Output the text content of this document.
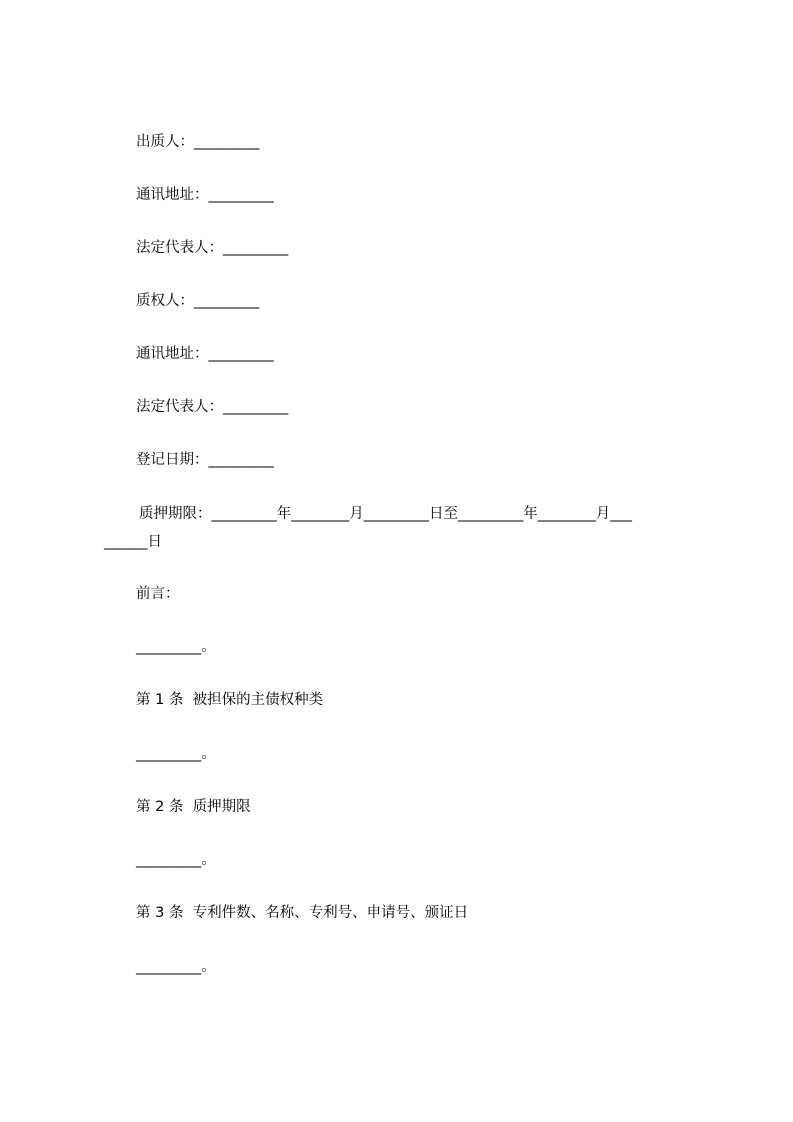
出质人：_________
通讯地址：_________
法定代表人：_________
质权人：_________
通讯地址：_________
法定代表人：_________
登记日期：_________
质押期限：_________年________月_________日至_________年________月___
______日
前言：
_________。
第 1 条  被担保的主债权种类
_________。
第 2 条  质押期限
_________。
第 3 条  专利件数、名称、专利号、申请号、颁证日
_________。
